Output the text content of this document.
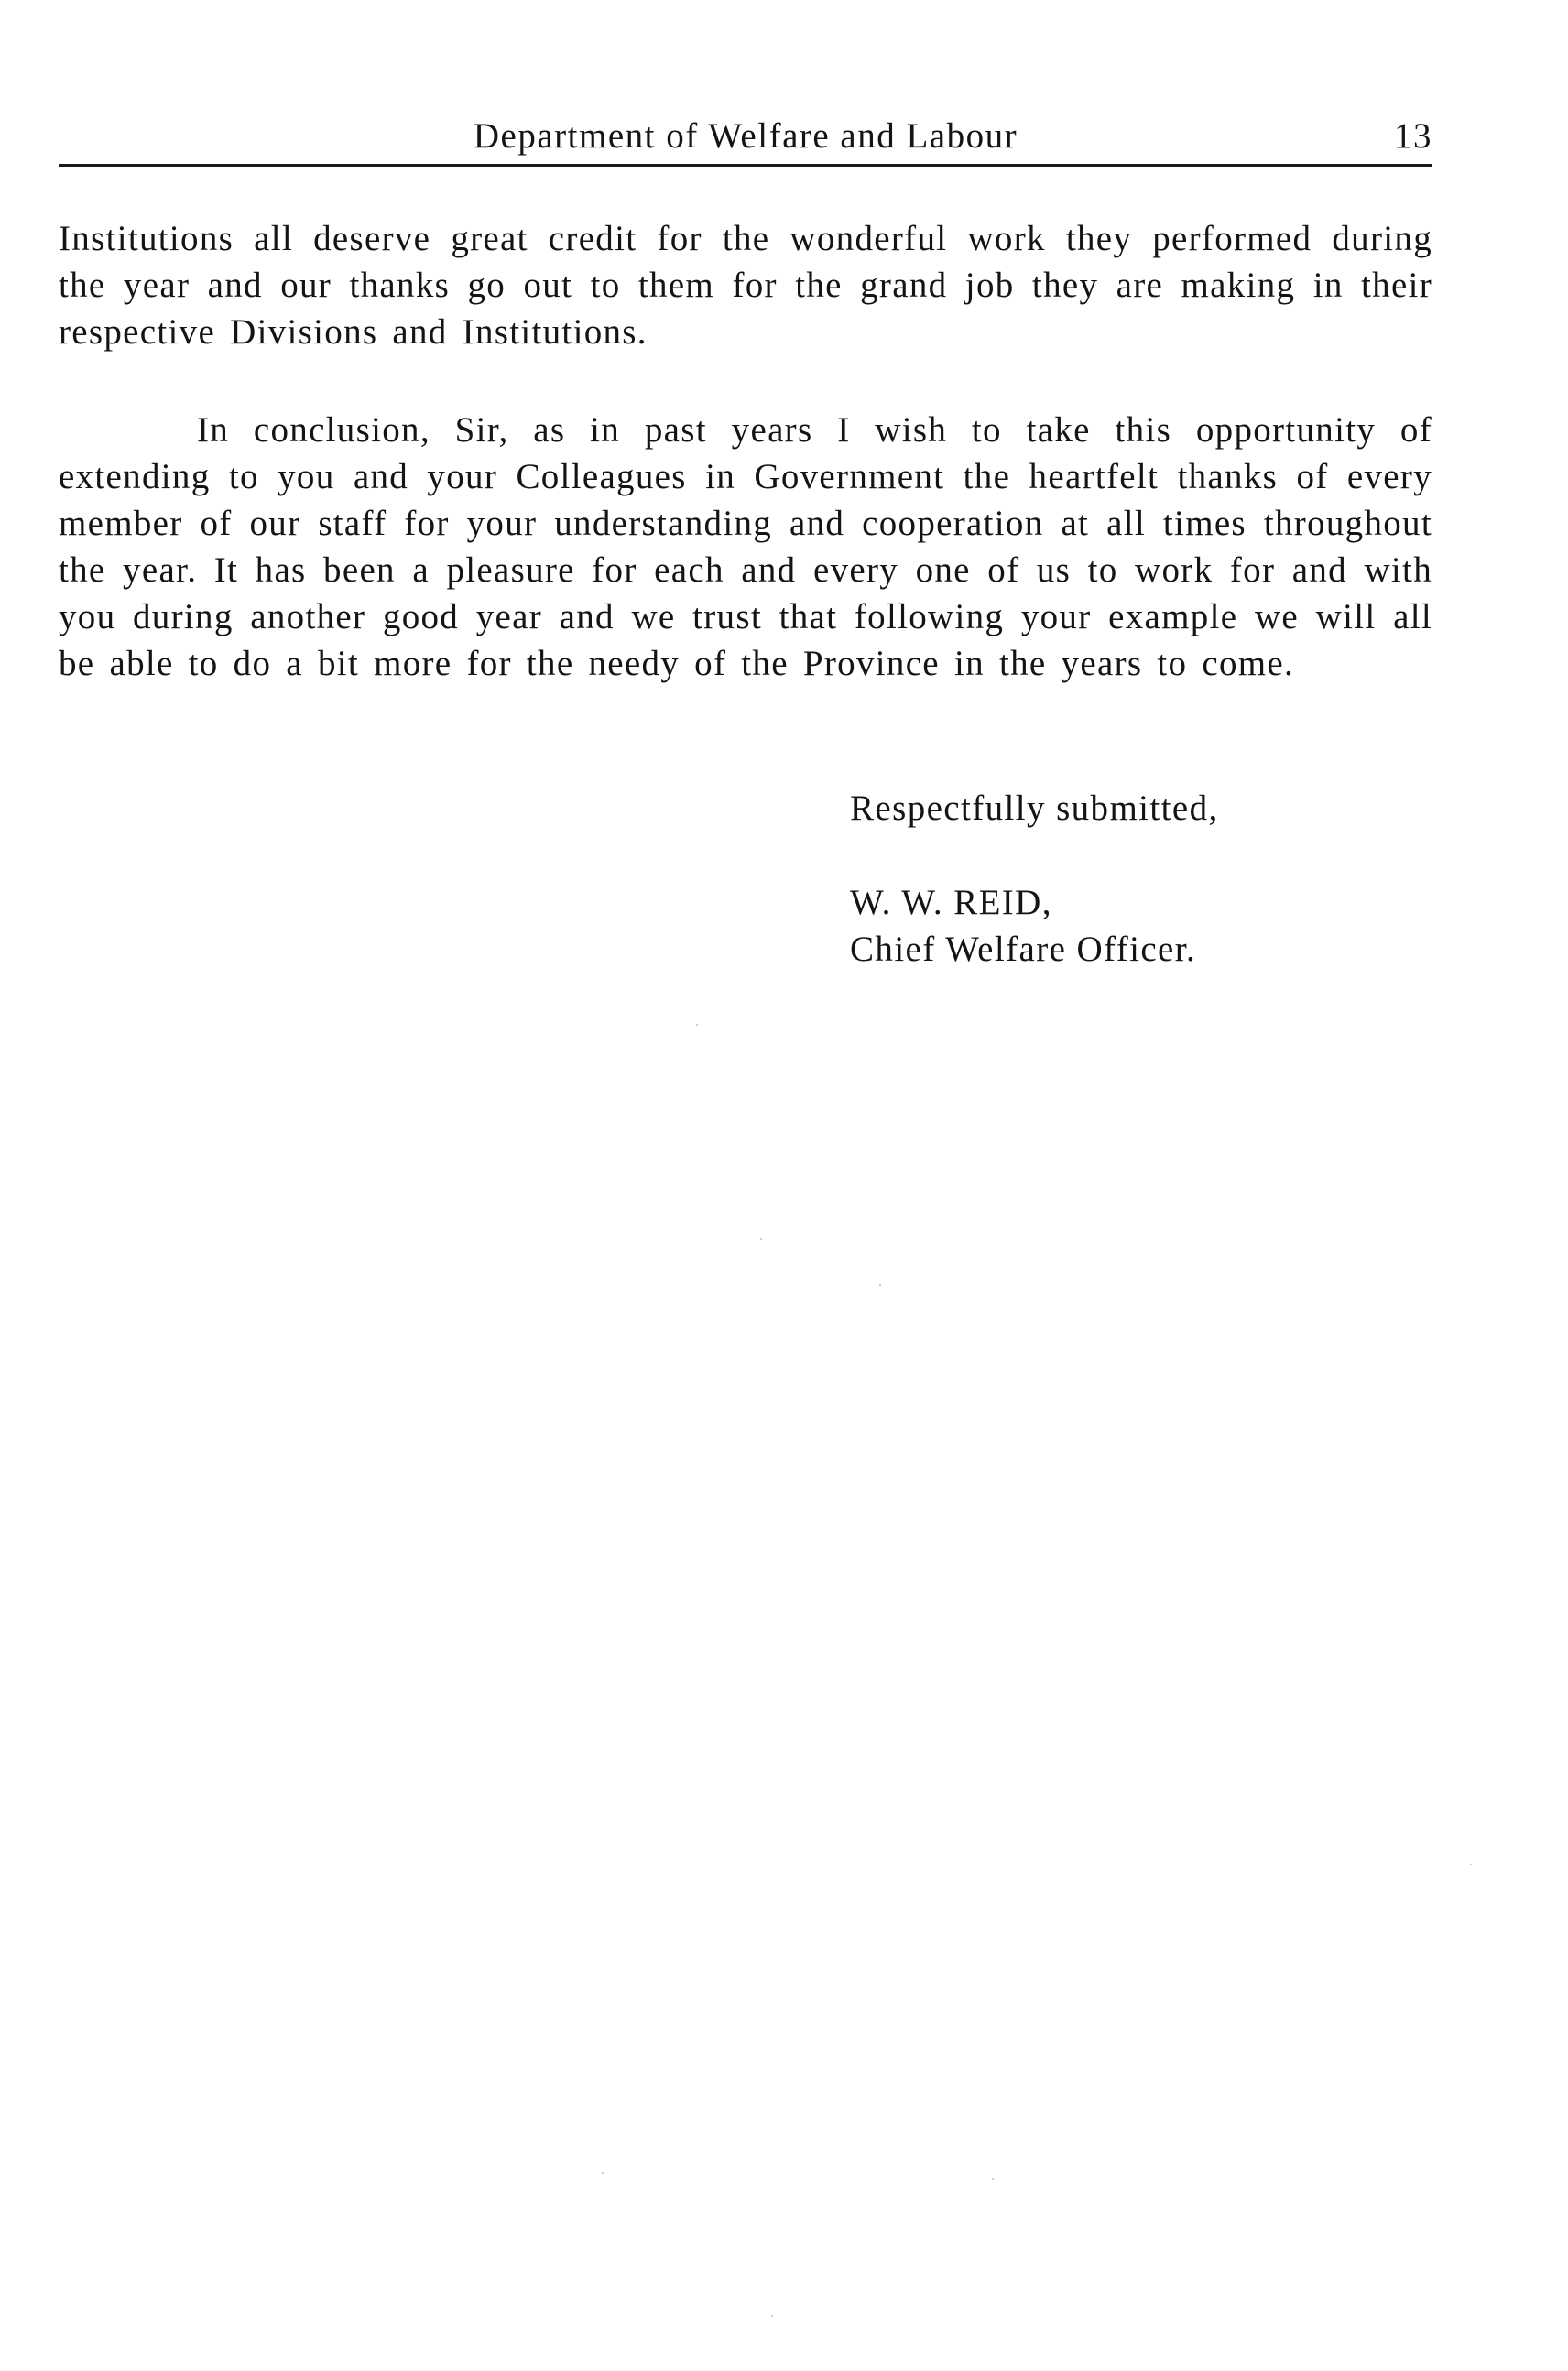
Department of Welfare and Labour	13

Institutions all deserve great credit for the wonderful work they performed during the year and our thanks go out to them for the grand job they are making in their respective Divisions and Institutions.

In conclusion, Sir, as in past years I wish to take this opportunity of extending to you and your Colleagues in Government the heartfelt thanks of every member of our staff for your understanding and cooperation at all times throughout the year. It has been a pleasure for each and every one of us to work for and with you during another good year and we trust that following your example we will all be able to do a bit more for the needy of the Province in the years to come.

Respectfully submitted,
W. W. REID,
Chief Welfare Officer.
